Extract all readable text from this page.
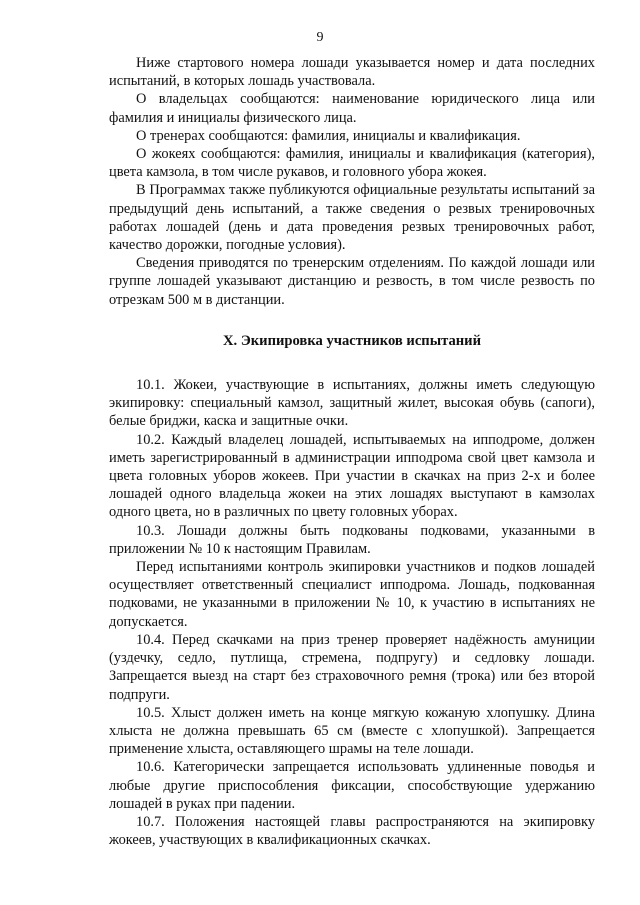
9

Ниже стартового номера лошади указывается номер и дата последних испытаний, в которых лошадь участвовала.

О владельцах сообщаются: наименование юридического лица или фамилия и инициалы физического лица.

О тренерах сообщаются: фамилия, инициалы и квалификация.

О жокеях сообщаются: фамилия, инициалы и квалификация (категория), цвета камзола, в том числе рукавов, и головного убора жокея.

В Программах также публикуются официальные результаты испытаний за предыдущий день испытаний, а также сведения о резвых тренировочных работах лошадей (день и дата проведения резвых тренировочных работ, качество дорожки, погодные условия).

Сведения приводятся по тренерским отделениям. По каждой лошади или группе лошадей указывают дистанцию и резвость, в том числе резвость по отрезкам 500 м в дистанции.

X. Экипировка участников испытаний

10.1. Жокеи, участвующие в испытаниях, должны иметь следующую экипировку: специальный камзол, защитный жилет, высокая обувь (сапоги), белые бриджи, каска и защитные очки.

10.2. Каждый владелец лошадей, испытываемых на ипподроме, должен иметь зарегистрированный в администрации ипподрома свой цвет камзола и цвета головных уборов жокеев. При участии в скачках на приз 2-х и более лошадей одного владельца жокеи на этих лошадях выступают в камзолах одного цвета, но в различных по цвету головных уборах.

10.3. Лошади должны быть подкованы подковами, указанными в приложении № 10 к настоящим Правилам.

Перед испытаниями контроль экипировки участников и подков лошадей осуществляет ответственный специалист ипподрома. Лошадь, подкованная подковами, не указанными в приложении № 10, к участию в испытаниях не допускается.

10.4. Перед скачками на приз тренер проверяет надёжность амуниции (уздечку, седло, путлища, стремена, подпругу) и седловку лошади. Запрещается выезд на старт без страховочного ремня (трока) или без второй подпруги.

10.5. Хлыст должен иметь на конце мягкую кожаную хлопушку. Длина хлыста не должна превышать 65 см (вместе с хлопушкой). Запрещается применение хлыста, оставляющего шрамы на теле лошади.

10.6. Категорически запрещается использовать удлиненные поводья и любые другие приспособления фиксации, способствующие удержанию лошадей в руках при падении.

10.7. Положения настоящей главы распространяются на экипировку жокеев, участвующих в квалификационных скачках.
